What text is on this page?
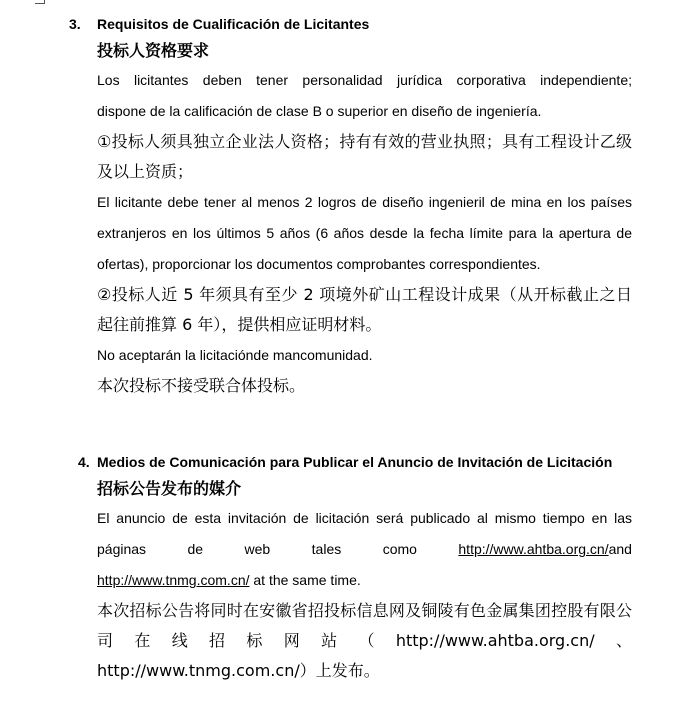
3. Requisitos de Cualificación de Licitantes
投标人资格要求
Los licitantes deben tener personalidad jurídica corporativa independiente;
dispone de la calificación de clase B o superior en diseño de ingeniería.
①投标人须具独立企业法人资格；持有有效的营业执照；具有工程设计乙级及以上资质；
El licitante debe tener al menos 2 logros de diseño ingenieril de mina en los países extranjeros en los últimos 5 años (6 años desde la fecha límite para la apertura de ofertas), proporcionar los documentos comprobantes correspondientes.
②投标人近 5 年须具有至少 2 项境外矿山工程设计成果（从开标截止之日起往前推算 6 年），提供相应证明材料。
No aceptarán la licitaciónde mancomunidad.
本次投标不接受联合体投标。
4. Medios de Comunicación para Publicar el Anuncio de Invitación de Licitación
招标公告发布的媒介
El anuncio de esta invitación de licitación será publicado al mismo tiempo en las
páginas	de	web	tales	como	http://www.ahtba.org.cn/and
http://www.tnmg.com.cn/ at the same time.
本次招标公告将同时在安徽省招投标信息网及铜陵有色金属集团控股有限公司在线招标网站（http://www.ahtba.org.cn/、http://www.tnmg.com.cn/）上发布。
